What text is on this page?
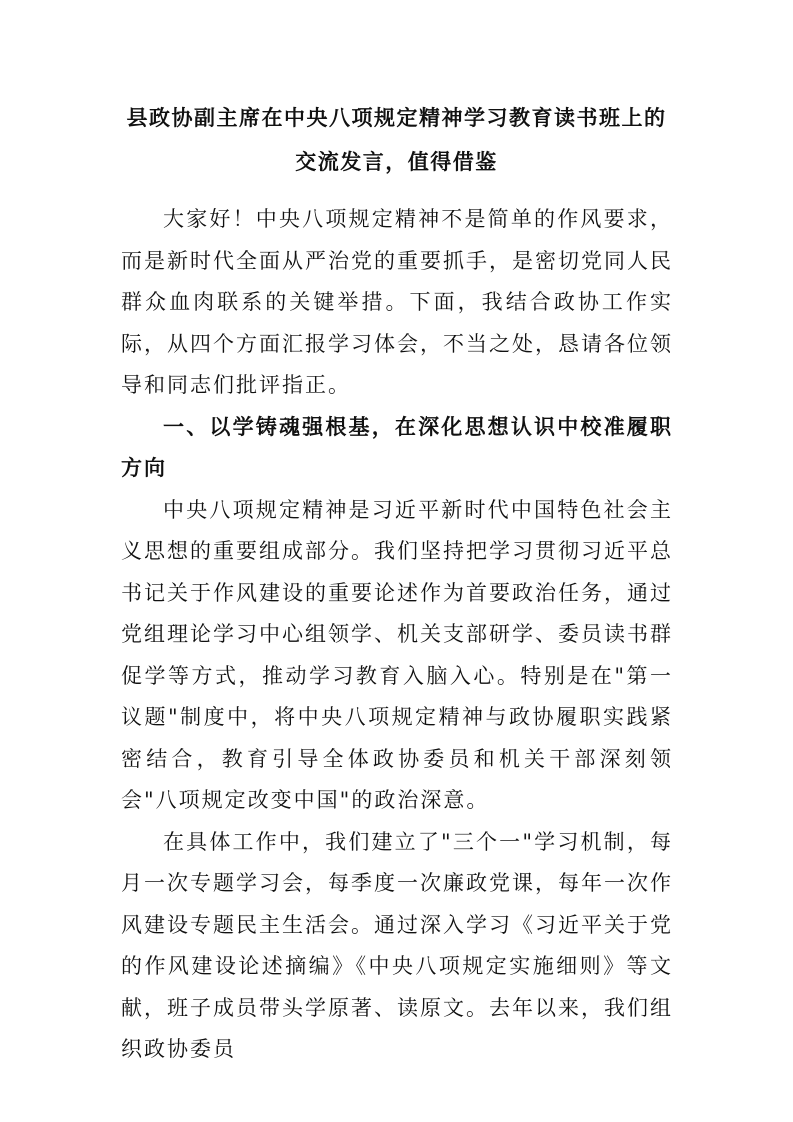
县政协副主席在中央八项规定精神学习教育读书班上的
交流发言，值得借鉴

大家好！中央八项规定精神不是简单的作风要求，而是新时代全面从严治党的重要抓手，是密切党同人民群众血肉联系的关键举措。下面，我结合政协工作实际，从四个方面汇报学习体会，不当之处，恳请各位领导和同志们批评指正。

一、以学铸魂强根基，在深化思想认识中校准履职方向

中央八项规定精神是习近平新时代中国特色社会主义思想的重要组成部分。我们坚持把学习贯彻习近平总书记关于作风建设的重要论述作为首要政治任务，通过党组理论学习中心组领学、机关支部研学、委员读书群促学等方式，推动学习教育入脑入心。特别是在"第一议题"制度中，将中央八项规定精神与政协履职实践紧密结合，教育引导全体政协委员和机关干部深刻领会"八项规定改变中国"的政治深意。

在具体工作中，我们建立了"三个一"学习机制，每月一次专题学习会，每季度一次廉政党课，每年一次作风建设专题民主生活会。通过深入学习《习近平关于党的作风建设论述摘编》《中央八项规定实施细则》等文献，班子成员带头学原著、读原文。去年以来，我们组织政协委员
